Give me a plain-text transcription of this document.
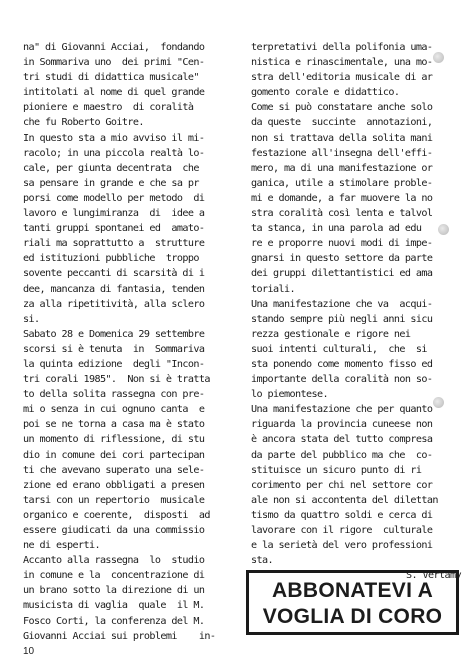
na" di Giovanni Acciai,  fondando
in Sommariva uno  dei primi "Cen-
tri studi di didattica musicale"
intitolati al nome di quel grande
pioniere e maestro  di coralità
che fu Roberto Goitre.
In questo sta a mio avviso il mi-
racolo; in una piccola realtà lo-
cale, per giunta decentrata  che
sa pensare in grande e che sa pr
porsi come modello per metodo  di
lavoro e lungimiranza  di  idee a
tanti gruppi spontanei ed  amato-
riali ma soprattutto a  strutture
ed istituzioni pubbliche  troppo
sovente peccanti di scarsità di i
dee, mancanza di fantasia, tenden
za alla ripetitività, alla sclero
si.
Sabato 28 e Domenica 29 settembre
scorsi si è tenuta  in  Sommariva
la quinta edizione  degli "Incon-
tri corali 1985".  Non si è tratta
to della solita rassegna con pre-
mi o senza in cui ognuno canta  e
poi se ne torna a casa ma è stato
un momento di riflessione, di stu
dio in comune dei cori partecipan
ti che avevano superato una sele-
zione ed erano obbligati a presen
tarsi con un repertorio  musicale
organico e coerente,  disposti  ad
essere giudicati da una commissio
ne di esperti.
Accanto alla rassegna  lo  studio
in comune e la  concentrazione di
un brano sotto la direzione di un
musicista di vaglia  quale  il M.
Fosco Corti, la conferenza del M.
Giovanni Acciai sui problemi    in-
terpretativi della polifonia uma-
nistica e rinascimentale, una mo-
stra dell'editoria musicale di ar
gomento corale e didattico.
Come si può constatare anche solo
da queste  succinte  annotazioni,
non si trattava della solita mani
festazione all'insegna dell'effi-
mero, ma di una manifestazione or
ganica, utile a stimolare proble-
mi e domande, a far muovere la no
stra coralità così lenta e talvol
ta stanca, in una parola ad edu
re e proporre nuovi modi di impe-
gnarsi in questo settore da parte
dei gruppi dilettantistici ed ama
toriali.
Una manifestazione che va  acqui-
stando sempre più negli anni sicu
rezza gestionale e rigore nei
suoi intenti culturali,  che  si
sta ponendo come momento fisso ed
importante della coralità non so-
lo piemontese.
Una manifestazione che per quanto
riguarda la provincia cuneese non
è ancora stata del tutto compresa
da parte del pubblico ma che  co-
stituisce un sicuro punto di ri
corimento per chi nel settore cor
ale non si accontenta del dilettan
tismo da quattro soldi e cerca di
lavorare con il rigore  culturale
e la serietà del vero professioni
sta.
S. Vertamy
ABBONATEVI A
VOGLIA DI CORO
10
